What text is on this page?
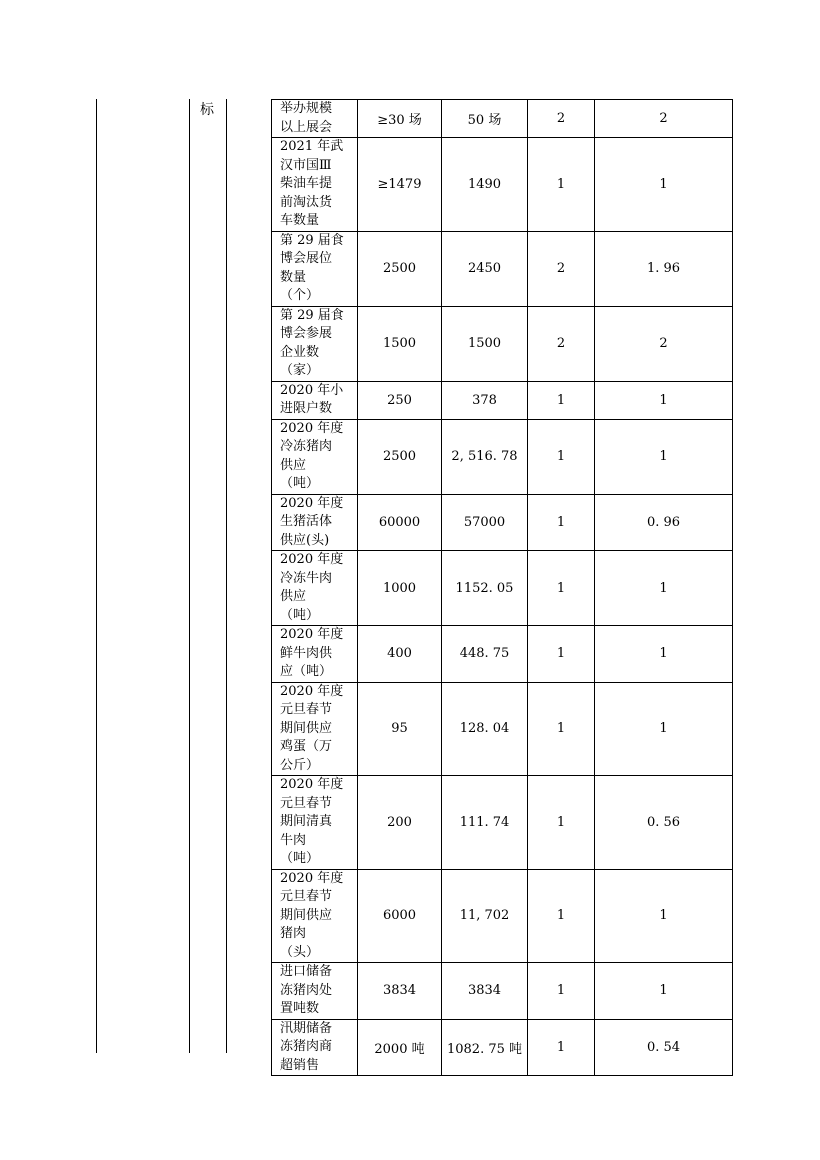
标	举办规模
以上展会	≥30 场	50 场	2	2
2021 年武
汉市国Ⅲ
柴油车提
前淘汰货
车数量	≥1479	1490	1	1
第 29 届食
博会展位
数量
（个）	2500	2450	2	1. 96
第 29 届食
博会参展
企业数
（家）	1500	1500	2	2
2020 年小
进限户数	250	378	1	1
2020 年度
冷冻猪肉
供应
（吨）	2500	2, 516. 78	1	1
2020 年度
生猪活体
供应(头)	60000	57000	1	0. 96
2020 年度
冷冻牛肉
供应
（吨）	1000	1152. 05	1	1
2020 年度
鲜牛肉供
应（吨）	400	448. 75	1	1
2020 年度
元旦春节
期间供应
鸡蛋（万
公斤）	95	128. 04	1	1
2020 年度
元旦春节
期间清真
牛肉
（吨）	200	111. 74	1	0. 56
2020 年度
元旦春节
期间供应
猪肉
（头）	6000	11, 702	1	1
进口储备
冻猪肉处
置吨数	3834	3834	1	1
汛期储备
冻猪肉商
超销售	2000 吨	1082. 75 吨	1	0. 54
